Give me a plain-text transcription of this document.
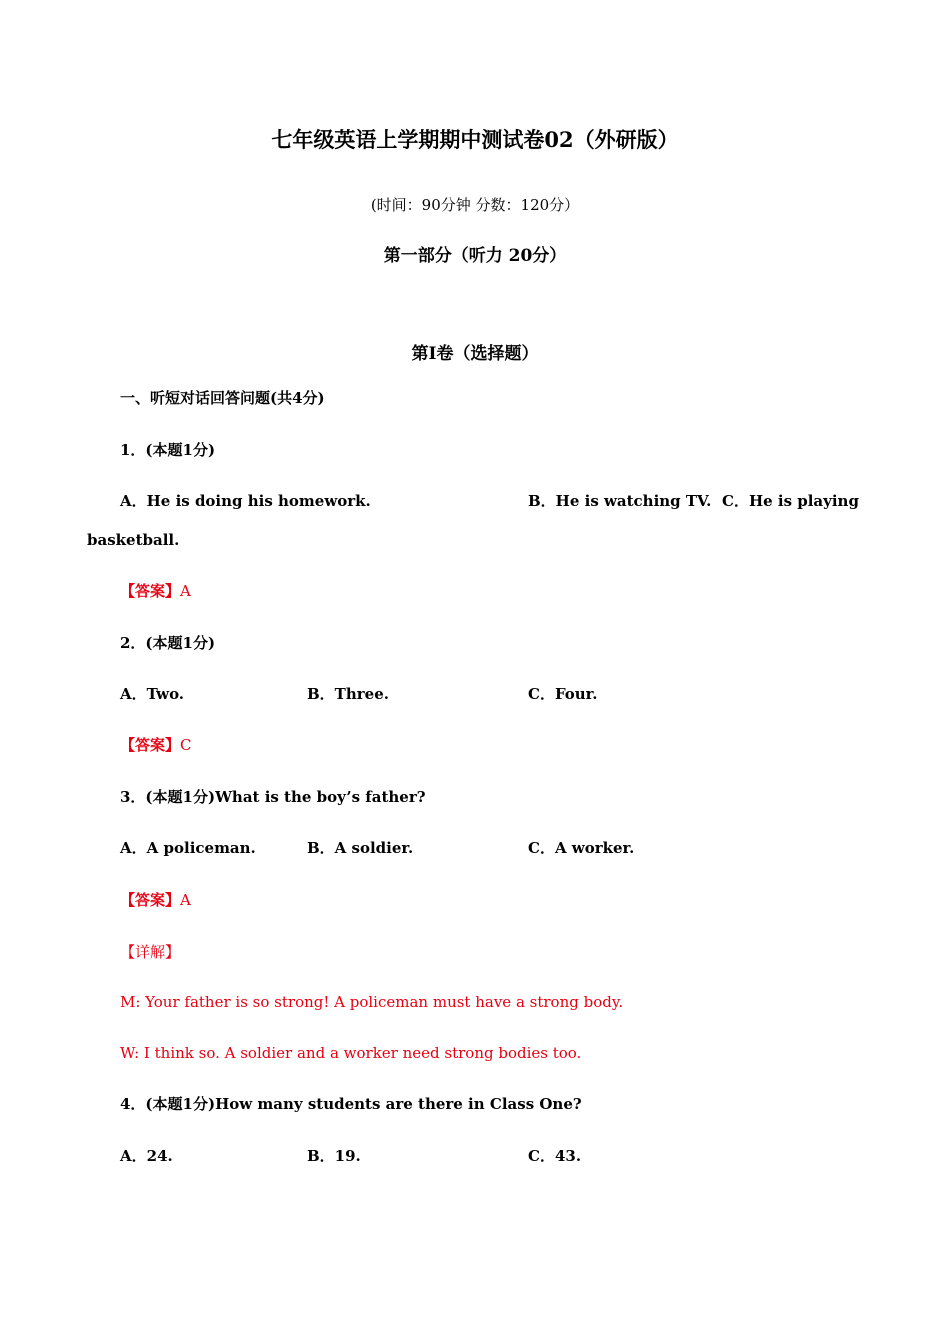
七年级英语上学期期中测试卷02（外研版）
(时间：90分钟 分数：120分）
第一部分（听力 20分）
第Ⅰ卷（选择题）
一、听短对话回答问题(共4分)
1．(本题1分)
A．He is doing his homework.	B．He is watching TV. C．He is playing
basketball.
【答案】A
2．(本题1分)
A．Two.	B．Three.	C．Four.
【答案】C
3．(本题1分)What is the boy’s father?
A．A policeman.	B．A soldier.	C．A worker.
【答案】A
【详解】
M: Your father is so strong! A policeman must have a strong body.
W: I think so. A soldier and a worker need strong bodies too.
4．(本题1分)How many students are there in Class One?
A．24.	B．19.	C．43.
